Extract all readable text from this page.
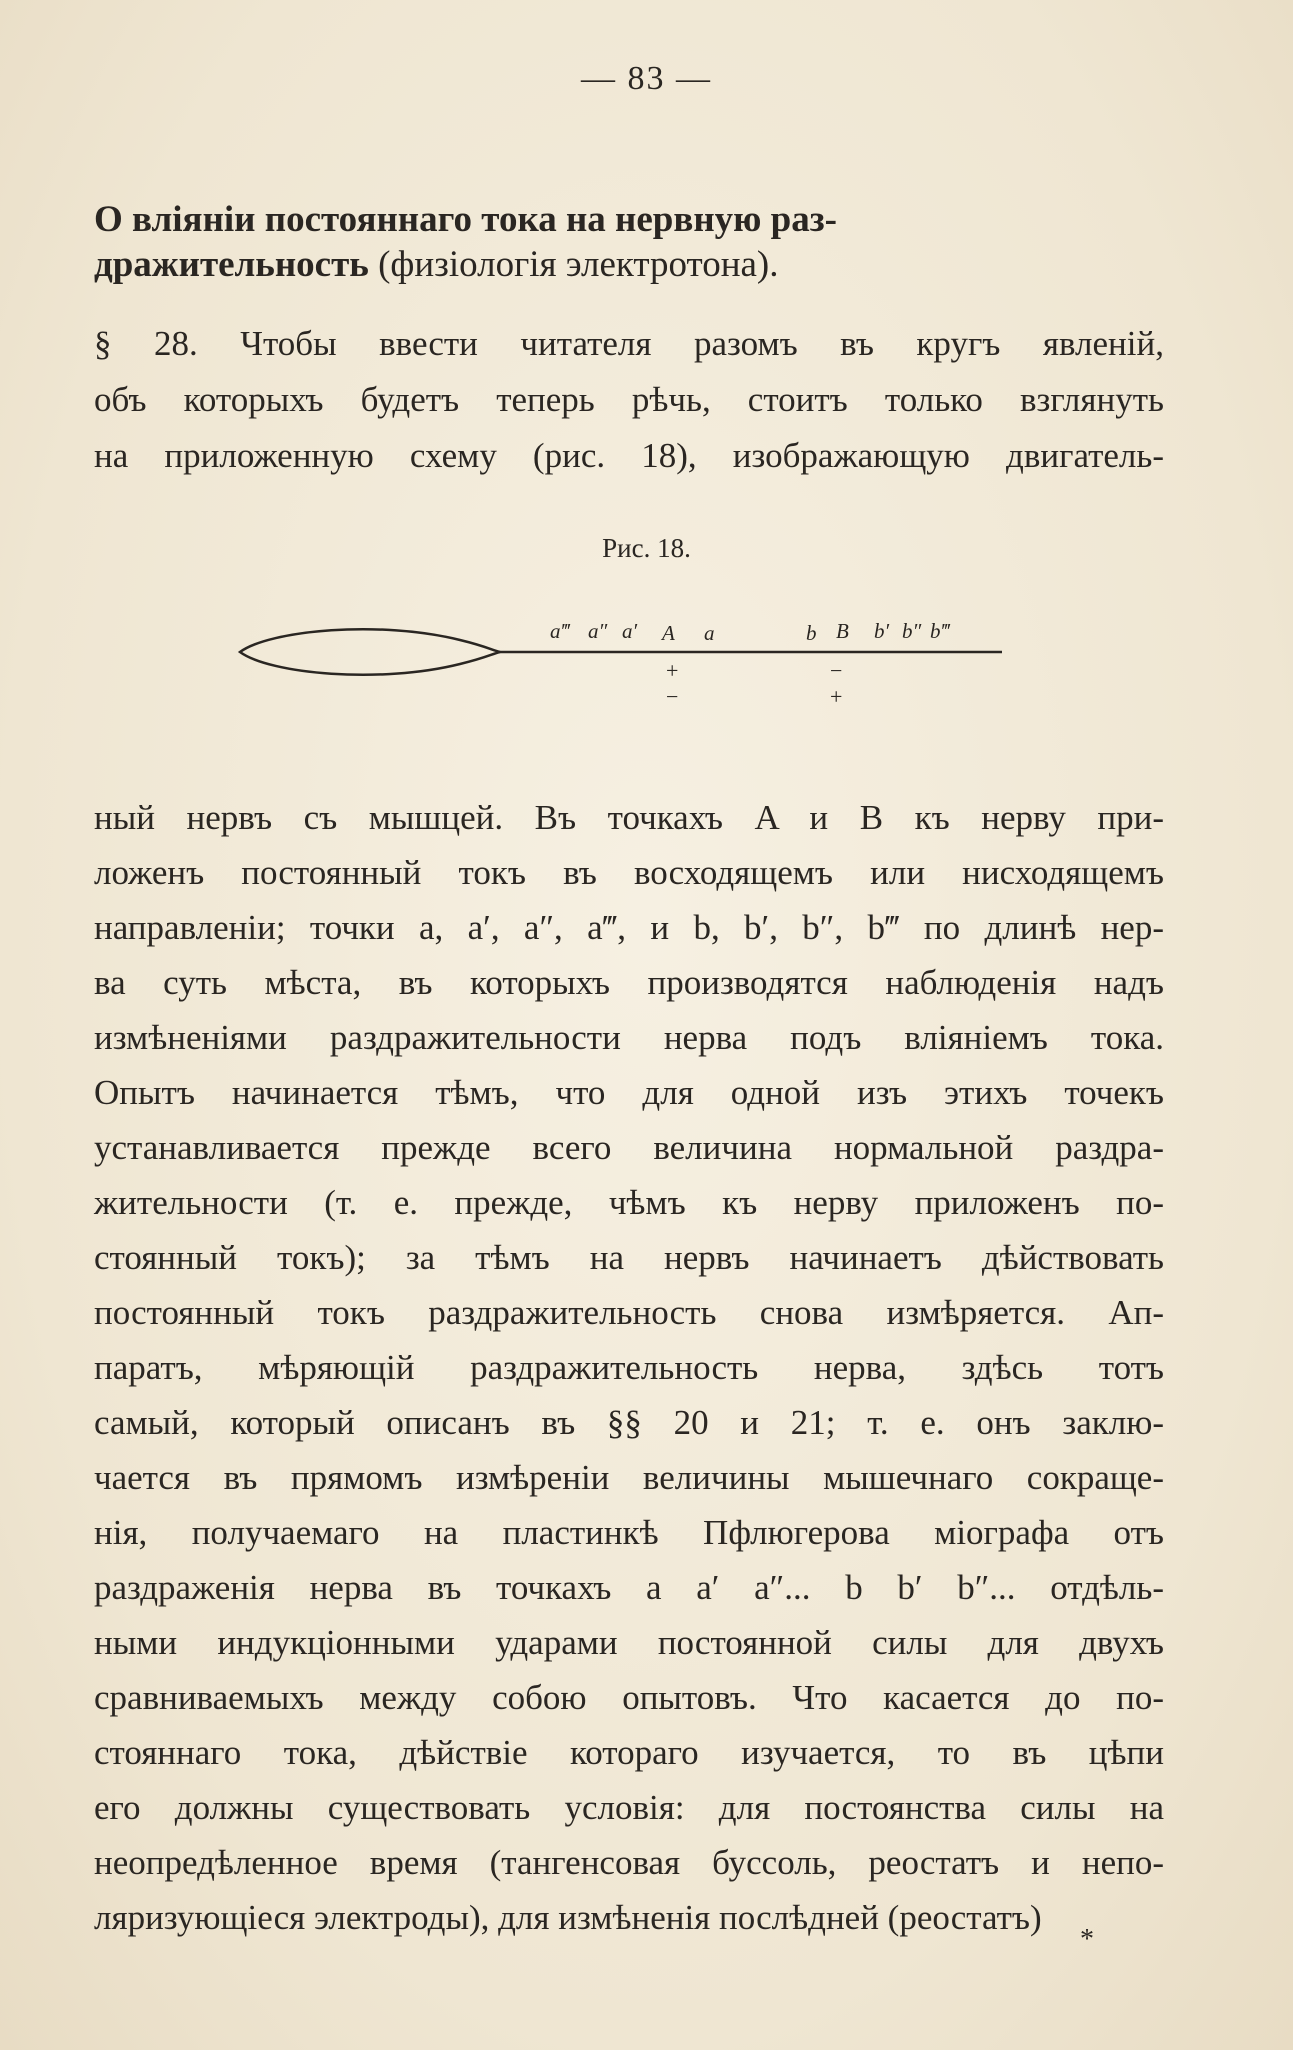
— 83 —
О вліяніи постояннаго тока на нервную раз-
дражительность (физіологія электротона).
§ 28. Чтобы ввести читателя разомъ въ кругъ явленій,
объ которыхъ будетъ теперь рѣчь, стоитъ только взглянуть
на приложенную схему (рис. 18), изображающую двигатель-
Рис. 18.
a‴ a″ a′ A a	b B b′ b″ b‴
+
−
−
+
ный нервъ съ мышцей. Въ точкахъ A и B къ нерву при-
ложенъ постоянный токъ въ восходящемъ или нисходящемъ
направленіи; точки a, a′, a″, a‴, и b, b′, b″, b‴ по длинѣ нер-
ва суть мѣста, въ которыхъ производятся наблюденія надъ
измѣненіями раздражительности нерва подъ вліяніемъ тока.
Опытъ начинается тѣмъ, что для одной изъ этихъ точекъ
устанавливается прежде всего величина нормальной раздра-
жительности (т. е. прежде, чѣмъ къ нерву приложенъ по-
стоянный токъ); за тѣмъ на нервъ начинаетъ дѣйствовать
постоянный токъ раздражительность снова измѣряется. Ап-
паратъ, мѣряющій раздражительность нерва, здѣсь тотъ
самый, который описанъ въ §§ 20 и 21; т. е. онъ заклю-
чается въ прямомъ измѣреніи величины мышечнаго сокраще-
нія, получаемаго на пластинкѣ Пфлюгерова міографа отъ
раздраженія нерва въ точкахъ a a′ a″... b b′ b″... отдѣль-
ными индукціонными ударами постоянной силы для двухъ
сравниваемыхъ между собою опытовъ. Что касается до по-
стояннаго тока, дѣйствіе котораго изучается, то въ цѣпи
его должны существовать условія: для постоянства силы на
неопредѣленное время (тангенсовая буссоль, реостатъ и непо-
ляризующіеся электроды), для измѣненія послѣдней (реостатъ)
*
